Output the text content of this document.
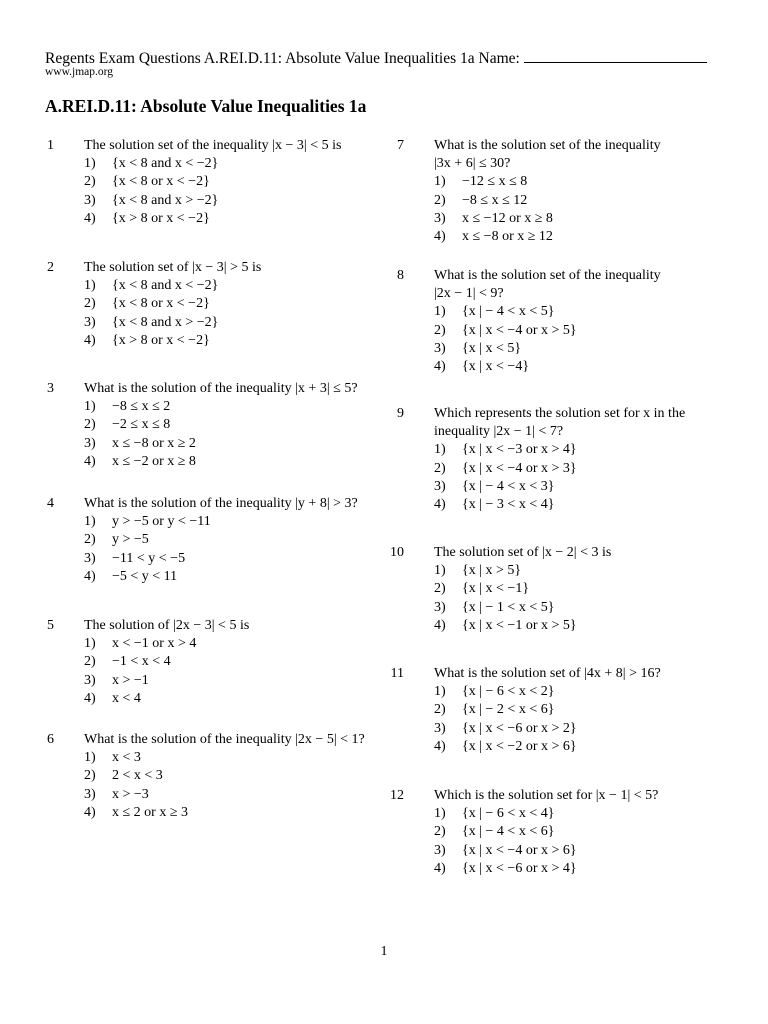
Regents Exam Questions A.REI.D.11: Absolute Value Inequalities 1a Name:
www.jmap.org
A.REI.D.11: Absolute Value Inequalities 1a
1 The solution set of the inequality |x − 3| < 5 is
1) {x < 8 and x < −2}
2) {x < 8 or x < −2}
3) {x < 8 and x > −2}
4) {x > 8 or x < −2}
2 The solution set of |x − 3| > 5 is
1) {x < 8 and x < −2}
2) {x < 8 or x < −2}
3) {x < 8 and x > −2}
4) {x > 8 or x < −2}
3 What is the solution of the inequality |x + 3| ≤ 5?
1) −8 ≤ x ≤ 2
2) −2 ≤ x ≤ 8
3) x ≤ −8 or x ≥ 2
4) x ≤ −2 or x ≥ 8
4 What is the solution of the inequality |y + 8| > 3?
1) y > −5 or y < −11
2) y > −5
3) −11 < y < −5
4) −5 < y < 11
5 The solution of |2x − 3| < 5 is
1) x < −1 or x > 4
2) −1 < x < 4
3) x > −1
4) x < 4
6 What is the solution of the inequality |2x − 5| < 1?
1) x < 3
2) 2 < x < 3
3) x > −3
4) x ≤ 2 or x ≥ 3
7 What is the solution set of the inequality
|3x + 6| ≤ 30?
1) −12 ≤ x ≤ 8
2) −8 ≤ x ≤ 12
3) x ≤ −12 or x ≥ 8
4) x ≤ −8 or x ≥ 12
8 What is the solution set of the inequality
|2x − 1| < 9?
1) {x | − 4 < x < 5}
2) {x | x < −4 or x > 5}
3) {x | x < 5}
4) {x | x < −4}
9 Which represents the solution set for x in the
inequality |2x − 1| < 7?
1) {x | x < −3 or x > 4}
2) {x | x < −4 or x > 3}
3) {x | − 4 < x < 3}
4) {x | − 3 < x < 4}
10 The solution set of |x − 2| < 3 is
1) {x | x > 5}
2) {x | x < −1}
3) {x | − 1 < x < 5}
4) {x | x < −1 or x > 5}
11 What is the solution set of |4x + 8| > 16?
1) {x | − 6 < x < 2}
2) {x | − 2 < x < 6}
3) {x | x < −6 or x > 2}
4) {x | x < −2 or x > 6}
12 Which is the solution set for |x − 1| < 5?
1) {x | − 6 < x < 4}
2) {x | − 4 < x < 6}
3) {x | x < −4 or x > 6}
4) {x | x < −6 or x > 4}
1
